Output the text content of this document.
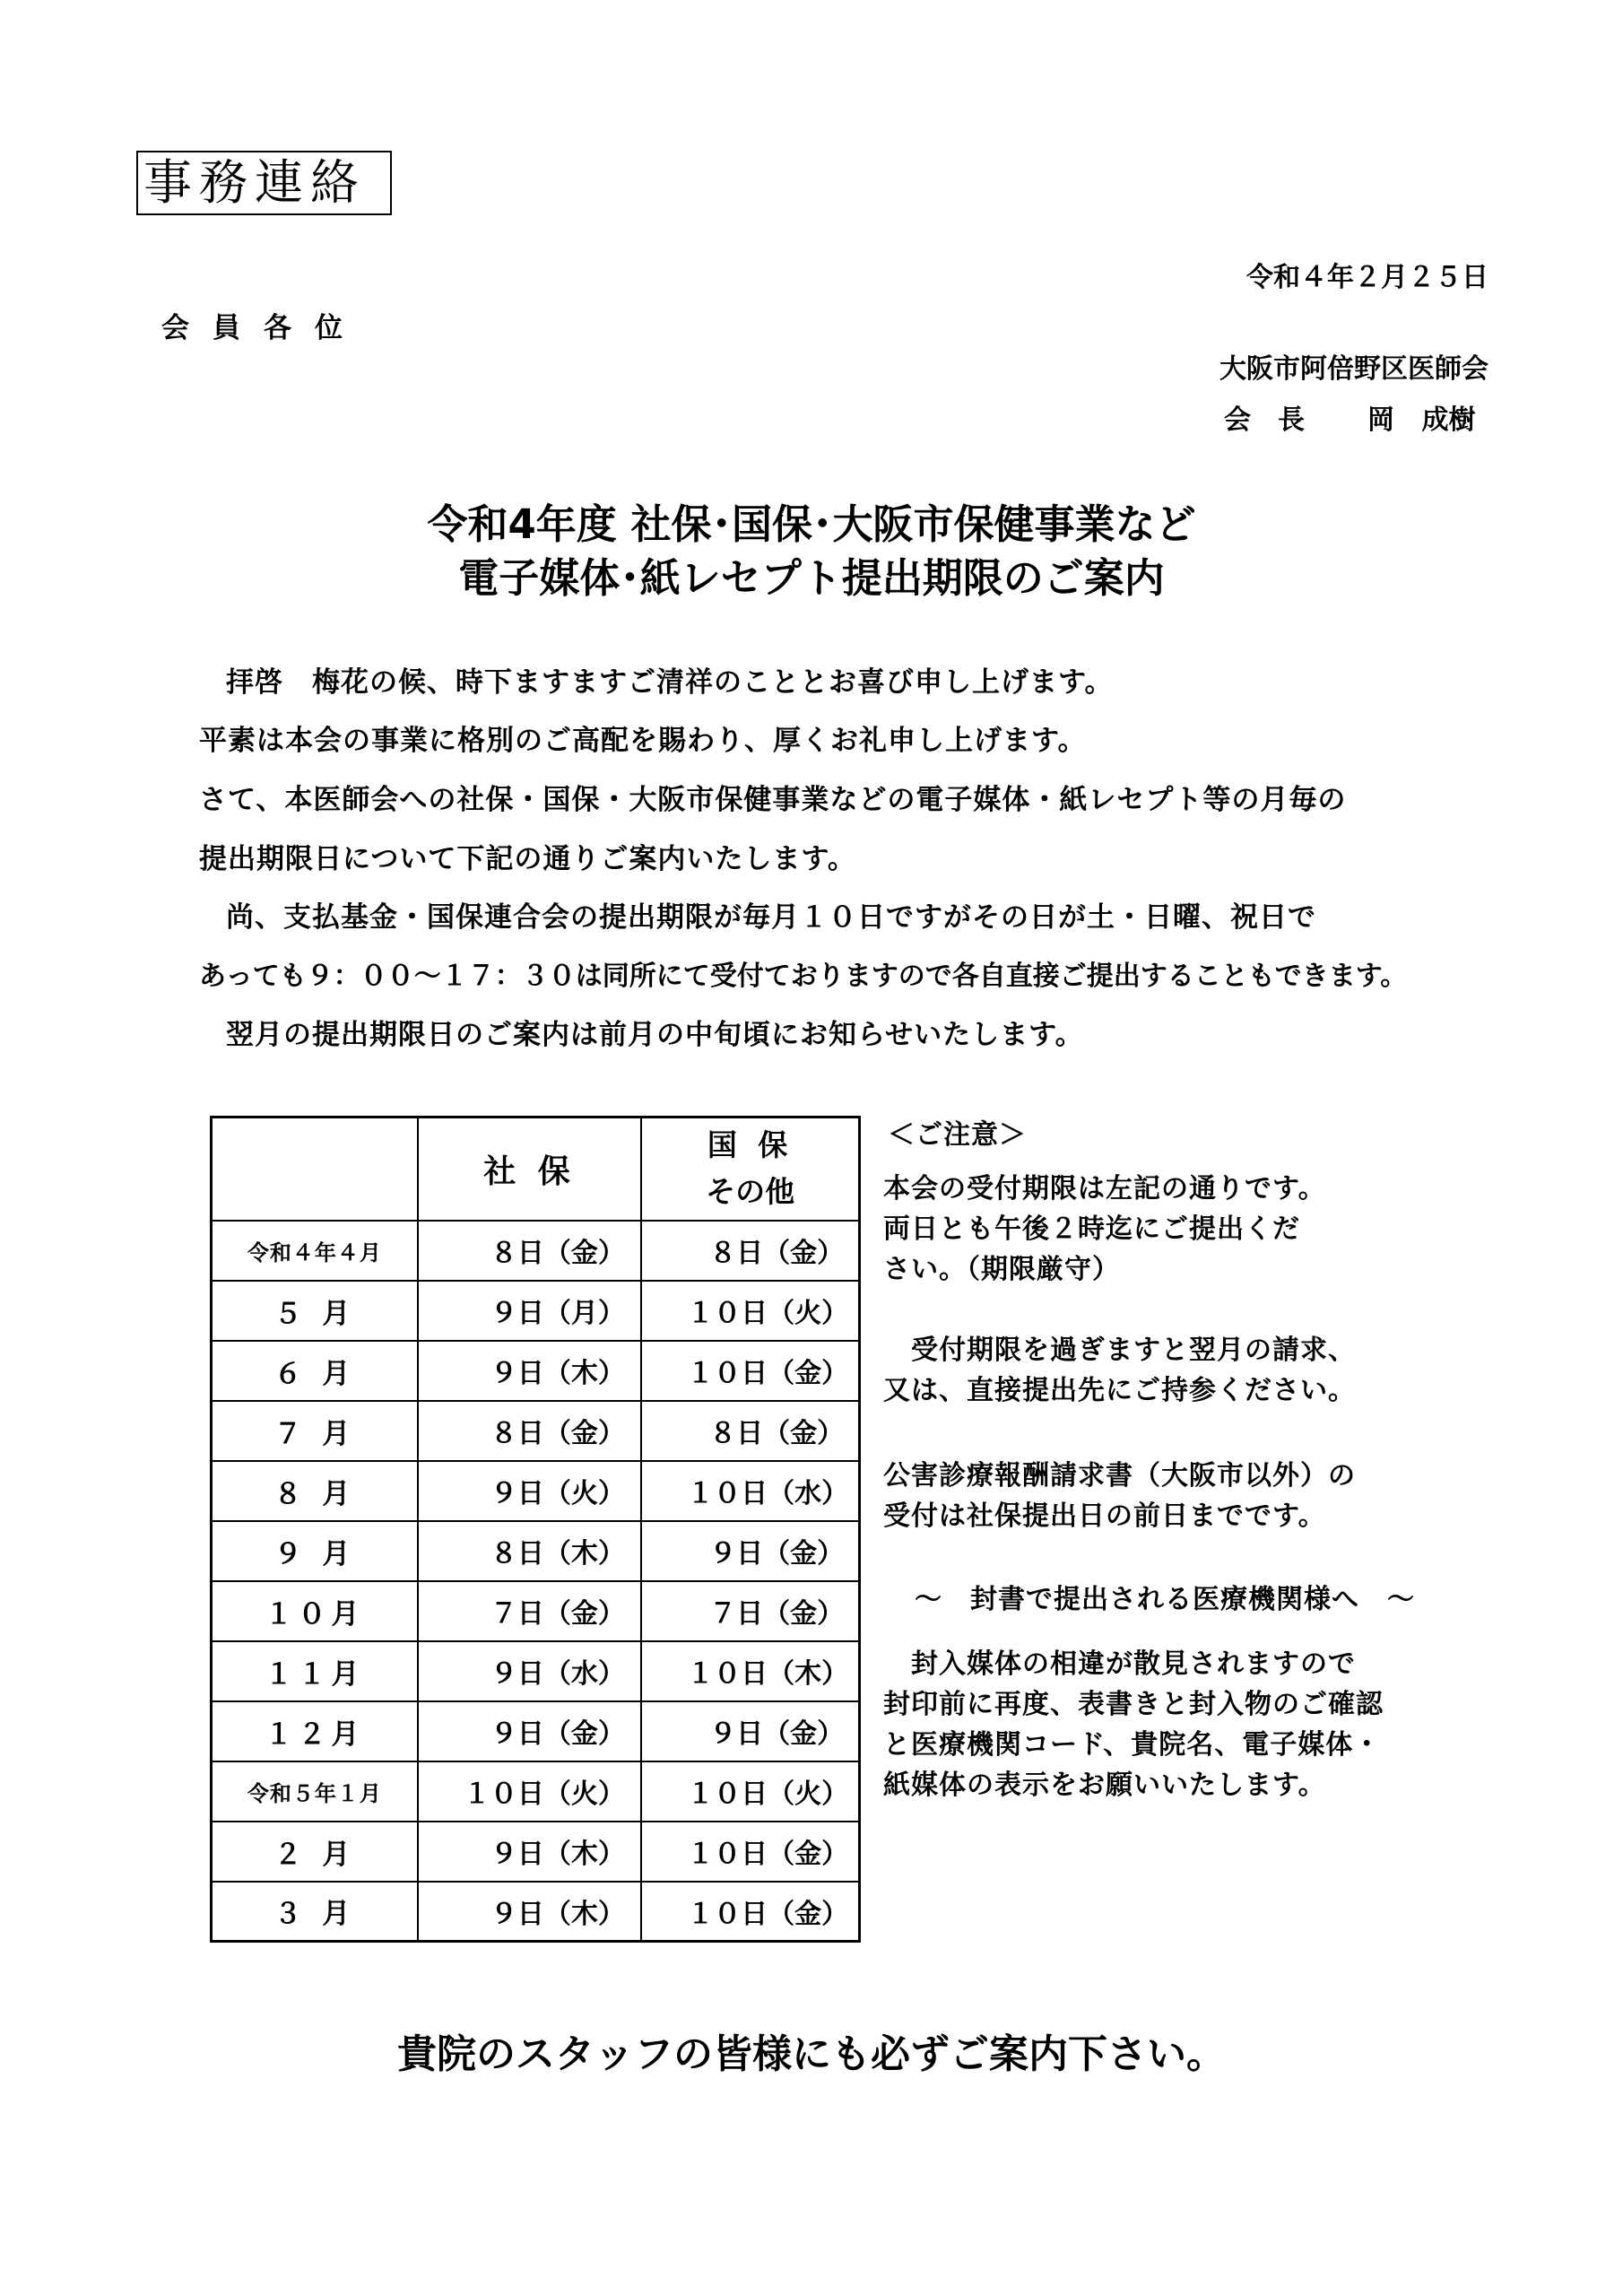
事務連絡
令和４年２月２５日
会員各位
大阪市阿倍野区医師会
会長 岡 成樹
令和4年度 社保･国保･大阪市保健事業など
電子媒体･紙レセプト提出期限のご案内
拝啓　梅花の候、時下ますますご清祥のこととお喜び申し上げます。
平素は本会の事業に格別のご高配を賜わり、厚くお礼申し上げます。
さて、本医師会への社保・国保・大阪市保健事業などの電子媒体・紙レセプト等の月毎の
提出期限日について下記の通りご案内いたします。
尚、支払基金・国保連合会の提出期限が毎月１０日ですがその日が土・日曜、祝日で
あっても９：００〜１７：３０は同所にて受付ておりますので各自直接ご提出することもできます。
翌月の提出期限日のご案内は前月の中旬頃にお知らせいたします。
	社 保	国 保
その他

令和４年４月	８日（金）	８日（金）
５ 月	９日（月）	１０日（火）
６ 月	９日（木）	１０日（金）
７ 月	８日（金）	８日（金）
８ 月	９日（火）	１０日（水）
９ 月	８日（木）	９日（金）
１０月	７日（金）	７日（金）
１１月	９日（水）	１０日（木）
１２月	９日（金）	９日（金）
令和５年１月	１０日（火）	１０日（火）
２ 月	９日（木）	１０日（金）
３ 月	９日（木）	１０日（金）
＜ご注意＞
本会の受付期限は左記の通りです。
両日とも午後２時迄にご提出くだ
さい。（期限厳守）
　受付期限を過ぎますと翌月の請求、
又は、直接提出先にご持参ください。
公害診療報酬請求書（大阪市以外）の
受付は社保提出日の前日までです。
〜　封書で提出される医療機関様へ　〜
　封入媒体の相違が散見されますので
封印前に再度、表書きと封入物のご確認
と医療機関コード、貴院名、電子媒体・
紙媒体の表示をお願いいたします。
貴院のスタッフの皆様にも必ずご案内下さい。
